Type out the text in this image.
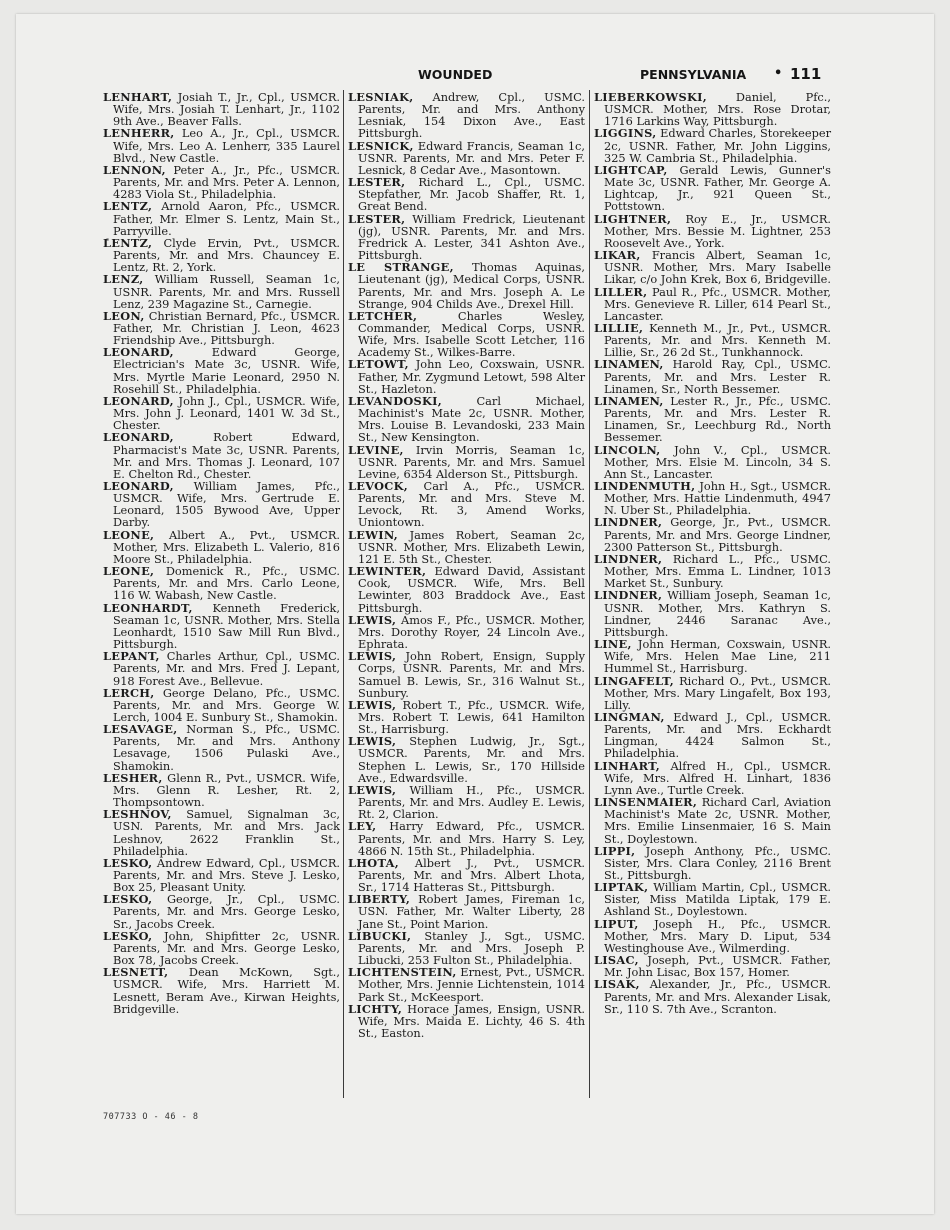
WOUNDED	PENNSYLVANIA • 111

LENHART, Josiah T., Jr., Cpl., USMCR. Wife, Mrs. Josiah T. Lenhart, Jr., 1102 9th Ave., Beaver Falls.

LENHERR, Leo A., Jr., Cpl., USMCR. Wife, Mrs. Leo A. Lenherr, 335 Laurel Blvd., New Castle.

LENNON, Peter A., Jr., Pfc., USMCR. Parents, Mr. and Mrs. Peter A. Lennon, 4283 Viola St., Philadelphia.

LENTZ, Arnold Aaron, Pfc., USMCR. Father, Mr. Elmer S. Lentz, Main St., Parryville.

LENTZ, Clyde Ervin, Pvt., USMCR. Parents, Mr. and Mrs. Chauncey E. Lentz, Rt. 2, York.

LENZ, William Russell, Seaman 1c, USNR. Parents, Mr. and Mrs. Russell Lenz, 239 Magazine St., Carnegie.

LEON, Christian Bernard, Pfc., USMCR. Father, Mr. Christian J. Leon, 4623 Friendship Ave., Pittsburgh.

LEONARD,	Edward George, Electrician's Mate 3c, USNR. Wife, Mrs. Myrtle Marie Leonard, 2950 N. Rosehill St., Philadelphia.

LEONARD, John J., Cpl., USMCR. Wife, Mrs. John J. Leonard, 1401 W. 3d St., Chester.

LEONARD,	Robert Edward, Pharmacist's Mate 3c, USNR. Parents, Mr. and Mrs. Thomas J. Leonard, 107 E. Chelton Rd., Chester.

LEONARD, William James, Pfc., USMCR. Wife, Mrs. Gertrude E. Leonard, 1505 Bywood Ave, Upper Darby.

LEONE, Albert A., Pvt., USMCR. Mother, Mrs. Elizabeth L. Valerio, 816 Moore St., Philadelphia.

LEONE, Domenick R., Pfc., USMC. Parents, Mr. and Mrs. Carlo Leone, 116 W. Wabash, New Castle.

LEONHARDT, Kenneth Frederick, Seaman 1c, USNR. Mother, Mrs. Stella Leonhardt, 1510 Saw Mill Run Blvd., Pittsburgh.

LEPANT, Charles Arthur, Cpl., USMC. Parents, Mr. and Mrs. Fred J. Lepant, 918 Forest Ave., Bellevue.

LERCH, George Delano, Pfc., USMC. Parents, Mr. and Mrs. George W. Lerch, 1004 E. Sunbury St., Shamokin.

LESAVAGE, Norman S., Pfc., USMC. Parents, Mr. and Mrs. Anthony Lesavage, 1506 Pulaski Ave., Shamokin.

LESHER, Glenn R., Pvt., USMCR. Wife, Mrs. Glenn R. Lesher, Rt. 2, Thompsontown.

LESHNOV, Samuel, Signalman 3c, USN. Parents, Mr. and Mrs. Jack Leshnov, 2622 Franklin St., Philadelphia.

LESKO, Andrew Edward, Cpl., USMCR. Parents, Mr. and Mrs. Steve J. Lesko, Box 25, Pleasant Unity.

LESKO, George, Jr., Cpl., USMC. Parents, Mr. and Mrs. George Lesko, Sr., Jacobs Creek.

LESKO, John, Shipfitter 2c, USNR. Parents, Mr. and Mrs. George Lesko, Box 78, Jacobs Creek.

LESNETT, Dean McKown, Sgt., USMCR. Wife, Mrs. Harriett M. Lesnett, Beram Ave., Kirwan Heights, Bridgeville.

LESNIAK, Andrew, Cpl., USMC. Parents, Mr. and Mrs. Anthony Lesniak, 154 Dixon Ave., East Pittsburgh.

LESNICK, Edward Francis, Seaman 1c, USNR. Parents, Mr. and Mrs. Peter F. Lesnick, 8 Cedar Ave., Masontown.

LESTER, Richard L., Cpl., USMC. Stepfather, Mr. Jacob Shaffer, Rt. 1, Great Bend.

LESTER, William Fredrick, Lieutenant (jg), USNR. Parents, Mr. and Mrs. Fredrick A. Lester, 341 Ashton Ave., Pittsburgh.

LE STRANGE, Thomas Aquinas, Lieutenant (jg), Medical Corps, USNR. Parents, Mr. and Mrs. Joseph A. Le Strange, 904 Childs Ave., Drexel Hill.

LETCHER,	Charles Wesley, Commander, Medical Corps, USNR. Wife, Mrs. Isabelle Scott Letcher, 116 Academy St., Wilkes-Barre.

LETOWT, John Leo, Coxswain, USNR. Father, Mr. Zygmund Letowt, 598 Alter St., Hazleton.

LEVANDOSKI,	Carl Michael, Machinist's Mate 2c, USNR. Mother, Mrs. Louise B. Levandoski, 233 Main St., New Kensington.

LEVINE, Irvin Morris, Seaman 1c, USNR. Parents, Mr. and Mrs. Samuel Levine, 6354 Alderson St., Pittsburgh.

LEVOCK, Carl A., Pfc., USMCR. Parents, Mr. and Mrs. Steve M. Levock, Rt. 3, Amend Works, Uniontown.

LEWIN, James Robert, Seaman 2c, USNR. Mother, Mrs. Elizabeth Lewin, 121 E. 5th St., Chester.

LEWINTER, Edward David, Assistant Cook, USMCR. Wife, Mrs. Bell Lewinter, 803 Braddock Ave., East Pittsburgh.

LEWIS, Amos F., Pfc., USMCR. Mother, Mrs. Dorothy Royer, 24 Lincoln Ave., Ephrata.

LEWIS, John Robert, Ensign, Supply Corps, USNR. Parents, Mr. and Mrs. Samuel B. Lewis, Sr., 316 Walnut St., Sunbury.

LEWIS, Robert T., Pfc., USMCR. Wife, Mrs. Robert T. Lewis, 641 Hamilton St., Harrisburg.

LEWIS, Stephen Ludwig, Jr., Sgt., USMCR. Parents, Mr. and Mrs. Stephen L. Lewis, Sr., 170 Hillside Ave., Edwardsville.

LEWIS, William H., Pfc., USMCR. Parents, Mr. and Mrs. Audley E. Lewis, Rt. 2, Clarion.

LEY, Harry Edward, Pfc., USMCR. Parents, Mr. and Mrs. Harry S. Ley, 4866 N. 15th St., Philadelphia.

LHOTA, Albert J., Pvt., USMCR. Parents, Mr. and Mrs. Albert Lhota, Sr., 1714 Hatteras St., Pittsburgh.

LIBERTY, Robert James, Fireman 1c, USN. Father, Mr. Walter Liberty, 28 Jane St., Point Marion.

LIBUCKI, Stanley J., Sgt., USMC. Parents, Mr. and Mrs. Joseph P. Libucki, 253 Fulton St., Philadelphia.

LICHTENSTEIN, Ernest, Pvt., USMCR. Mother, Mrs. Jennie Lichtenstein, 1014 Park St., McKeesport.

LICHTY, Horace James, Ensign, USNR. Wife, Mrs. Maida E. Lichty, 46 S. 4th St., Easton.

LIEBERKOWSKI,	Daniel, Pfc., USMCR. Mother, Mrs. Rose Drotar, 1716 Larkins Way, Pittsburgh.

LIGGINS, Edward Charles, Storekeeper 2c, USNR. Father, Mr. John Liggins, 325 W. Cambria St., Philadelphia.

LIGHTCAP, Gerald Lewis, Gunner's Mate 3c, USNR. Father, Mr. George A. Lightcap, Jr., 921 Queen St., Pottstown.

LIGHTNER, Roy E., Jr., USMCR. Mother, Mrs. Bessie M. Lightner, 253 Roosevelt Ave., York.

LIKAR, Francis Albert, Seaman 1c, USNR. Mother, Mrs. Mary Isabelle Likar, c/o John Krek, Box 6, Bridgeville.

LILLER, Paul R., Pfc., USMCR. Mother, Mrs. Genevieve R. Liller, 614 Pearl St., Lancaster.

LILLIE, Kenneth M., Jr., Pvt., USMCR. Parents, Mr. and Mrs. Kenneth M. Lillie, Sr., 26 2d St., Tunkhannock.

LINAMEN, Harold Ray, Cpl., USMC. Parents, Mr. and Mrs. Lester R. Linamen, Sr., North Bessemer.

LINAMEN, Lester R., Jr., Pfc., USMC. Parents, Mr. and Mrs. Lester R. Linamen, Sr., Leechburg Rd., North Bessemer.

LINCOLN, John V., Cpl., USMCR. Mother, Mrs. Elsie M. Lincoln, 34 S. Ann St., Lancaster.

LINDENMUTH, John H., Sgt., USMCR. Mother, Mrs. Hattie Lindenmuth, 4947 N. Uber St., Philadelphia.

LINDNER, George, Jr., Pvt., USMCR. Parents, Mr. and Mrs. George Lindner, 2300 Patterson St., Pittsburgh.

LINDNER, Richard L., Pfc., USMC. Mother, Mrs. Emma L. Lindner, 1013 Market St., Sunbury.

LINDNER, William Joseph, Seaman 1c, USNR. Mother, Mrs. Kathryn S. Lindner, 2446 Saranac Ave., Pittsburgh.

LINE, John Herman, Coxswain, USNR. Wife, Mrs. Helen Mae Line, 211 Hummel St., Harrisburg.

LINGAFELT, Richard O., Pvt., USMCR. Mother, Mrs. Mary Lingafelt, Box 193, Lilly.

LINGMAN, Edward J., Cpl., USMCR. Parents, Mr. and Mrs. Eckhardt Lingman, 4424 Salmon St., Philadelphia.

LINHART, Alfred H., Cpl., USMCR. Wife, Mrs. Alfred H. Linhart, 1836 Lynn Ave., Turtle Creek.

LINSENMAIER, Richard Carl, Aviation Machinist's Mate 2c, USNR. Mother, Mrs. Emilie Linsenmaier, 16 S. Main St., Doylestown.

LIPPI, Joseph Anthony, Pfc., USMC. Sister, Mrs. Clara Conley, 2116 Brent St., Pittsburgh.

LIPTAK, William Martin, Cpl., USMCR. Sister, Miss Matilda Liptak, 179 E. Ashland St., Doylestown.

LIPUT, Joseph H., Pfc., USMCR. Mother, Mrs. Mary D. Liput, 534 Westinghouse Ave., Wilmerding.

LISAC, Joseph, Pvt., USMCR. Father, Mr. John Lisac, Box 157, Homer.

LISAK, Alexander, Jr., Pfc., USMCR. Parents, Mr. and Mrs. Alexander Lisak, Sr., 110 S. 7th Ave., Scranton.

707733 O - 46 - 8
